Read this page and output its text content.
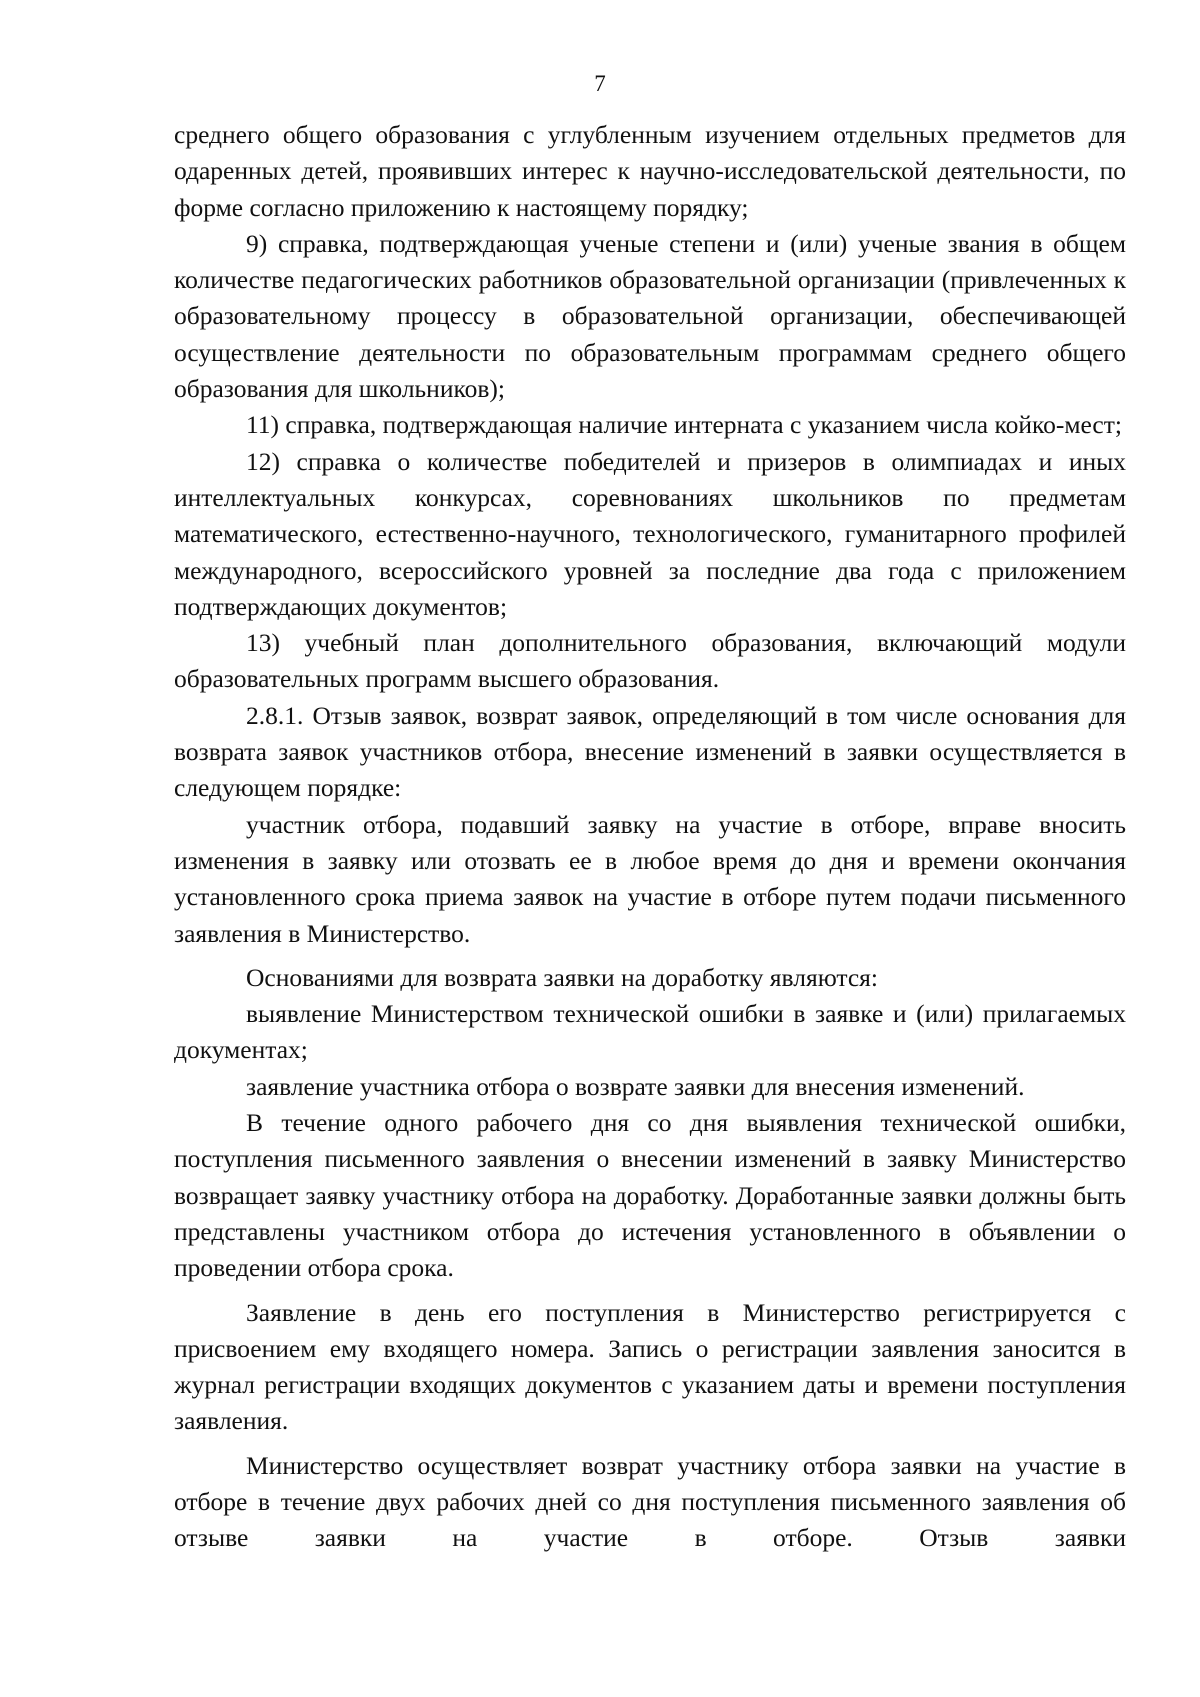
7

среднего общего образования с углубленным изучением отдельных предметов для одаренных детей, проявивших интерес к научно-исследовательской деятельности, по форме согласно приложению к настоящему порядку;

9) справка, подтверждающая ученые степени и (или) ученые звания в общем количестве педагогических работников образовательной организации (привлеченных к образовательному процессу в образовательной организации, обеспечивающей осуществление деятельности по образовательным программам среднего общего образования для школьников);

11) справка, подтверждающая наличие интерната с указанием числа койко-мест;

12) справка о количестве победителей и призеров в олимпиадах и иных интеллектуальных конкурсах, соревнованиях школьников по предметам математического, естественно-научного, технологического, гуманитарного профилей международного, всероссийского уровней за последние два года с приложением подтверждающих документов;

13) учебный план дополнительного образования, включающий модули образовательных программ высшего образования.

2.8.1. Отзыв заявок, возврат заявок, определяющий в том числе основания для возврата заявок участников отбора, внесение изменений в заявки осуществляется в следующем порядке:

участник отбора, подавший заявку на участие в отборе, вправе вносить изменения в заявку или отозвать ее в любое время до дня и времени окончания установленного срока приема заявок на участие в отборе путем подачи письменного заявления в Министерство.

Основаниями для возврата заявки на доработку являются:

выявление Министерством технической ошибки в заявке и (или) прилагаемых документах;

заявление участника отбора о возврате заявки для внесения изменений.

В течение одного рабочего дня со дня выявления технической ошибки, поступления письменного заявления о внесении изменений в заявку Министерство возвращает заявку участнику отбора на доработку. Доработанные заявки должны быть представлены участником отбора до истечения установленного в объявлении о проведении отбора срока.

Заявление в день его поступления в Министерство регистрируется с присвоением ему входящего номера. Запись о регистрации заявления заносится в журнал регистрации входящих документов с указанием даты и времени поступления заявления.

Министерство осуществляет возврат участнику отбора заявки на участие в отборе в течение двух рабочих дней со дня поступления письменного заявления об отзыве заявки на участие в отборе. Отзыв заявки
